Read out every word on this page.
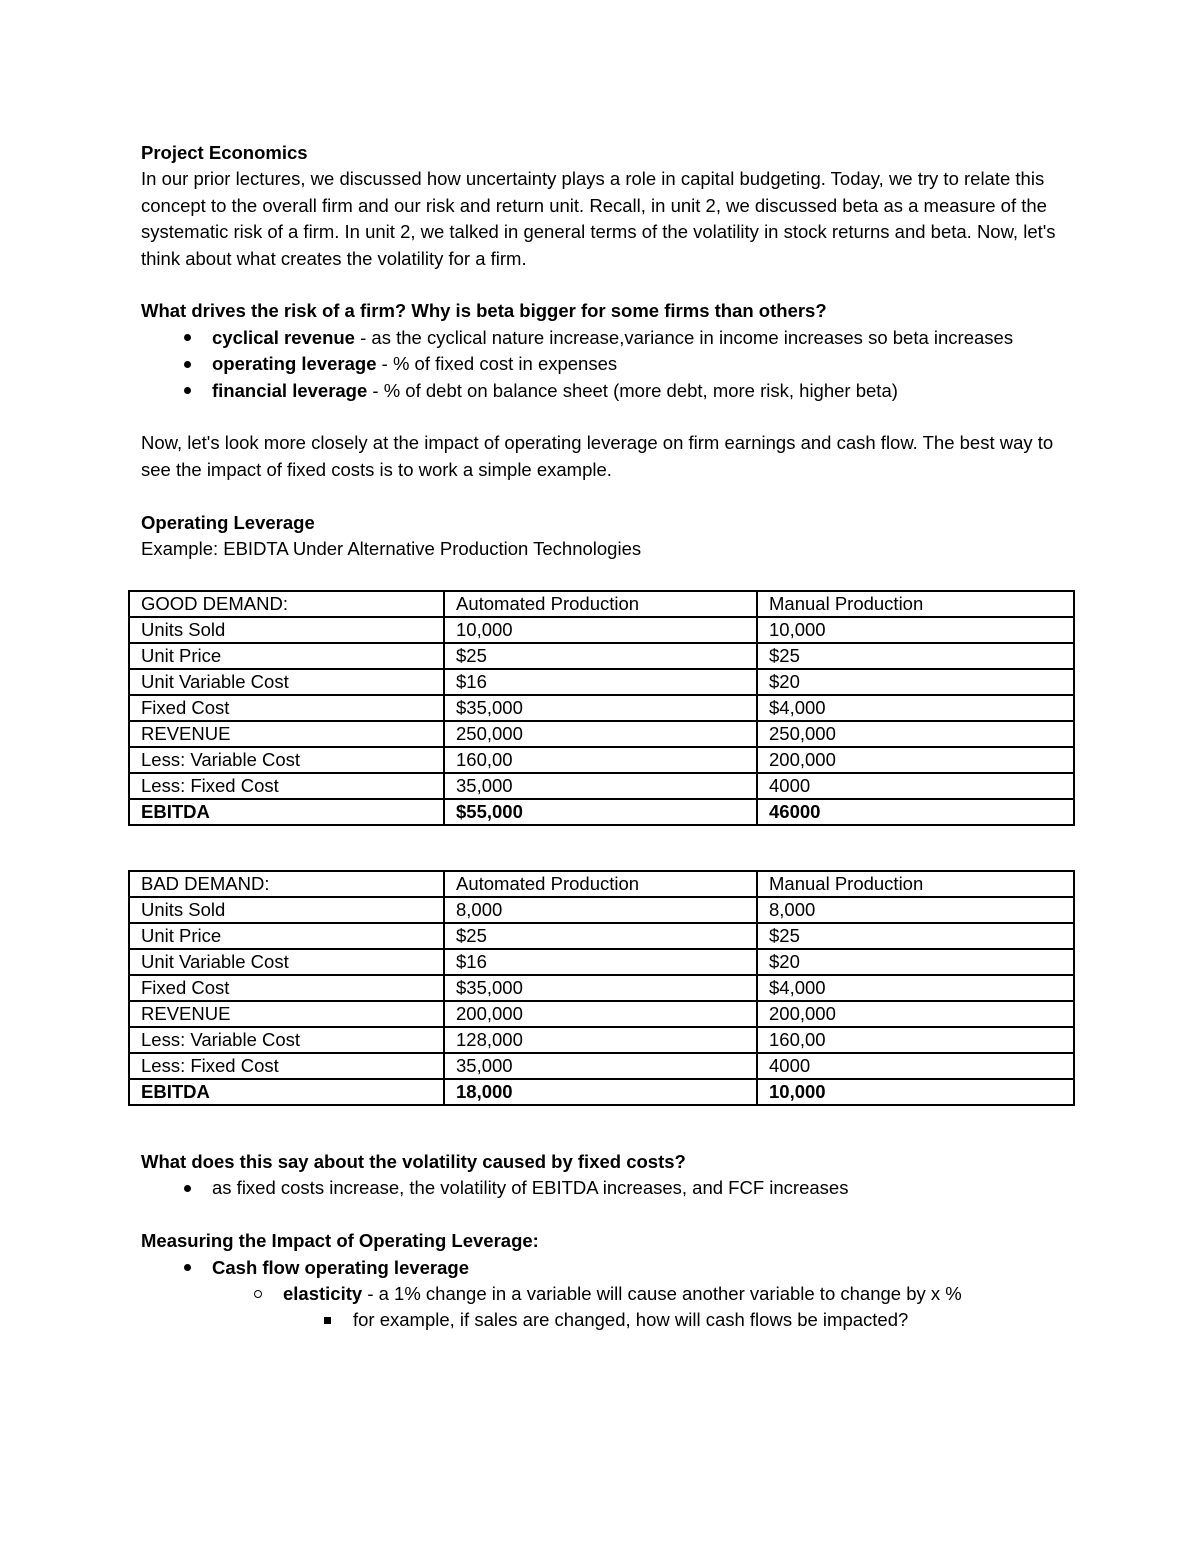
Project Economics

In our prior lectures, we discussed how uncertainty plays a role in capital budgeting. Today, we try to relate this concept to the overall firm and our risk and return unit. Recall, in unit 2, we discussed beta as a measure of the systematic risk of a firm. In unit 2, we talked in general terms of the volatility in stock returns and beta. Now, let's think about what creates the volatility for a firm.

What drives the risk of a firm? Why is beta bigger for some firms than others?

cyclical revenue - as the cyclical nature increase,variance in income increases so beta increases
operating leverage - % of fixed cost in expenses
financial leverage - % of debt on balance sheet (more debt, more risk, higher beta)

Now, let's look more closely at the impact of operating leverage on firm earnings and cash flow. The best way to see the impact of fixed costs is to work a simple example.

Operating Leverage

Example: EBIDTA Under Alternative Production Technologies

GOOD DEMAND:	Automated Production	Manual Production
Units Sold	10,000	10,000
Unit Price	$25	$25
Unit Variable Cost	$16	$20
Fixed Cost	$35,000	$4,000
REVENUE	250,000	250,000
Less: Variable Cost	160,00	200,000
Less: Fixed Cost	35,000	4000
EBITDA	$55,000	46000
BAD DEMAND:	Automated Production	Manual Production
Units Sold	8,000	8,000
Unit Price	$25	$25
Unit Variable Cost	$16	$20
Fixed Cost	$35,000	$4,000
REVENUE	200,000	200,000
Less: Variable Cost	128,000	160,00
Less: Fixed Cost	35,000	4000
EBITDA	18,000	10,000

What does this say about the volatility caused by fixed costs?

as fixed costs increase, the volatility of EBITDA increases, and FCF increases

Measuring the Impact of Operating Leverage:

Cash flow operating leverage
elasticity - a 1% change in a variable will cause another variable to change by x %
for example, if sales are changed, how will cash flows be impacted?
